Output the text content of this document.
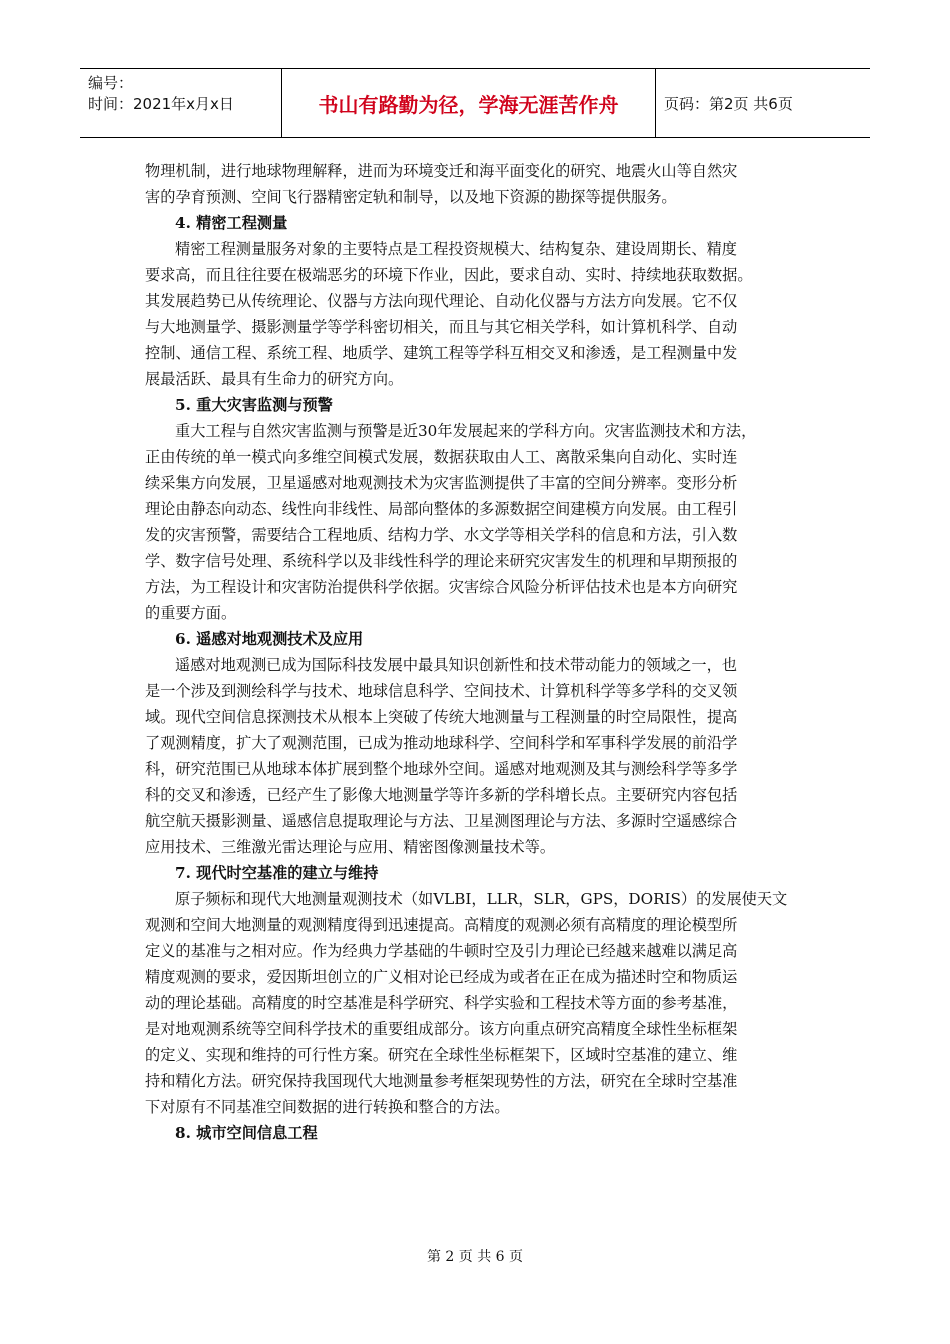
编号：
时间：2021年x月x日	书山有路勤为径，学海无涯苦作舟	页码：第2页 共6页
物理机制，进行地球物理解释，进而为环境变迁和海平面变化的研究、地震火山等自然灾
害的孕育预测、空间飞行器精密定轨和制导，以及地下资源的勘探等提供服务。
4. 精密工程测量
精密工程测量服务对象的主要特点是工程投资规模大、结构复杂、建设周期长、精度
要求高，而且往往要在极端恶劣的环境下作业，因此，要求自动、实时、持续地获取数据。
其发展趋势已从传统理论、仪器与方法向现代理论、自动化仪器与方法方向发展。它不仅
与大地测量学、摄影测量学等学科密切相关，而且与其它相关学科，如计算机科学、自动
控制、通信工程、系统工程、地质学、建筑工程等学科互相交叉和渗透，是工程测量中发
展最活跃、最具有生命力的研究方向。
5. 重大灾害监测与预警
重大工程与自然灾害监测与预警是近30年发展起来的学科方向。灾害监测技术和方法，
正由传统的单一模式向多维空间模式发展，数据获取由人工、离散采集向自动化、实时连
续采集方向发展，卫星遥感对地观测技术为灾害监测提供了丰富的空间分辨率。变形分析
理论由静态向动态、线性向非线性、局部向整体的多源数据空间建模方向发展。由工程引
发的灾害预警，需要结合工程地质、结构力学、水文学等相关学科的信息和方法，引入数
学、数字信号处理、系统科学以及非线性科学的理论来研究灾害发生的机理和早期预报的
方法，为工程设计和灾害防治提供科学依据。灾害综合风险分析评估技术也是本方向研究
的重要方面。
6. 遥感对地观测技术及应用
遥感对地观测已成为国际科技发展中最具知识创新性和技术带动能力的领域之一，也
是一个涉及到测绘科学与技术、地球信息科学、空间技术、计算机科学等多学科的交叉领
域。现代空间信息探测技术从根本上突破了传统大地测量与工程测量的时空局限性，提高
了观测精度，扩大了观测范围，已成为推动地球科学、空间科学和军事科学发展的前沿学
科，研究范围已从地球本体扩展到整个地球外空间。遥感对地观测及其与测绘科学等多学
科的交叉和渗透，已经产生了影像大地测量学等许多新的学科增长点。主要研究内容包括
航空航天摄影测量、遥感信息提取理论与方法、卫星测图理论与方法、多源时空遥感综合
应用技术、三维激光雷达理论与应用、精密图像测量技术等。
7. 现代时空基准的建立与维持
原子频标和现代大地测量观测技术（如VLBI，LLR，SLR，GPS，DORIS）的发展使天文
观测和空间大地测量的观测精度得到迅速提高。高精度的观测必须有高精度的理论模型所
定义的基准与之相对应。作为经典力学基础的牛顿时空及引力理论已经越来越难以满足高
精度观测的要求，爱因斯坦创立的广义相对论已经成为或者在正在成为描述时空和物质运
动的理论基础。高精度的时空基准是科学研究、科学实验和工程技术等方面的参考基准，
是对地观测系统等空间科学技术的重要组成部分。该方向重点研究高精度全球性坐标框架
的定义、实现和维持的可行性方案。研究在全球性坐标框架下，区域时空基准的建立、维
持和精化方法。研究保持我国现代大地测量参考框架现势性的方法，研究在全球时空基准
下对原有不同基准空间数据的进行转换和整合的方法。
8. 城市空间信息工程
第 2 页 共 6 页
